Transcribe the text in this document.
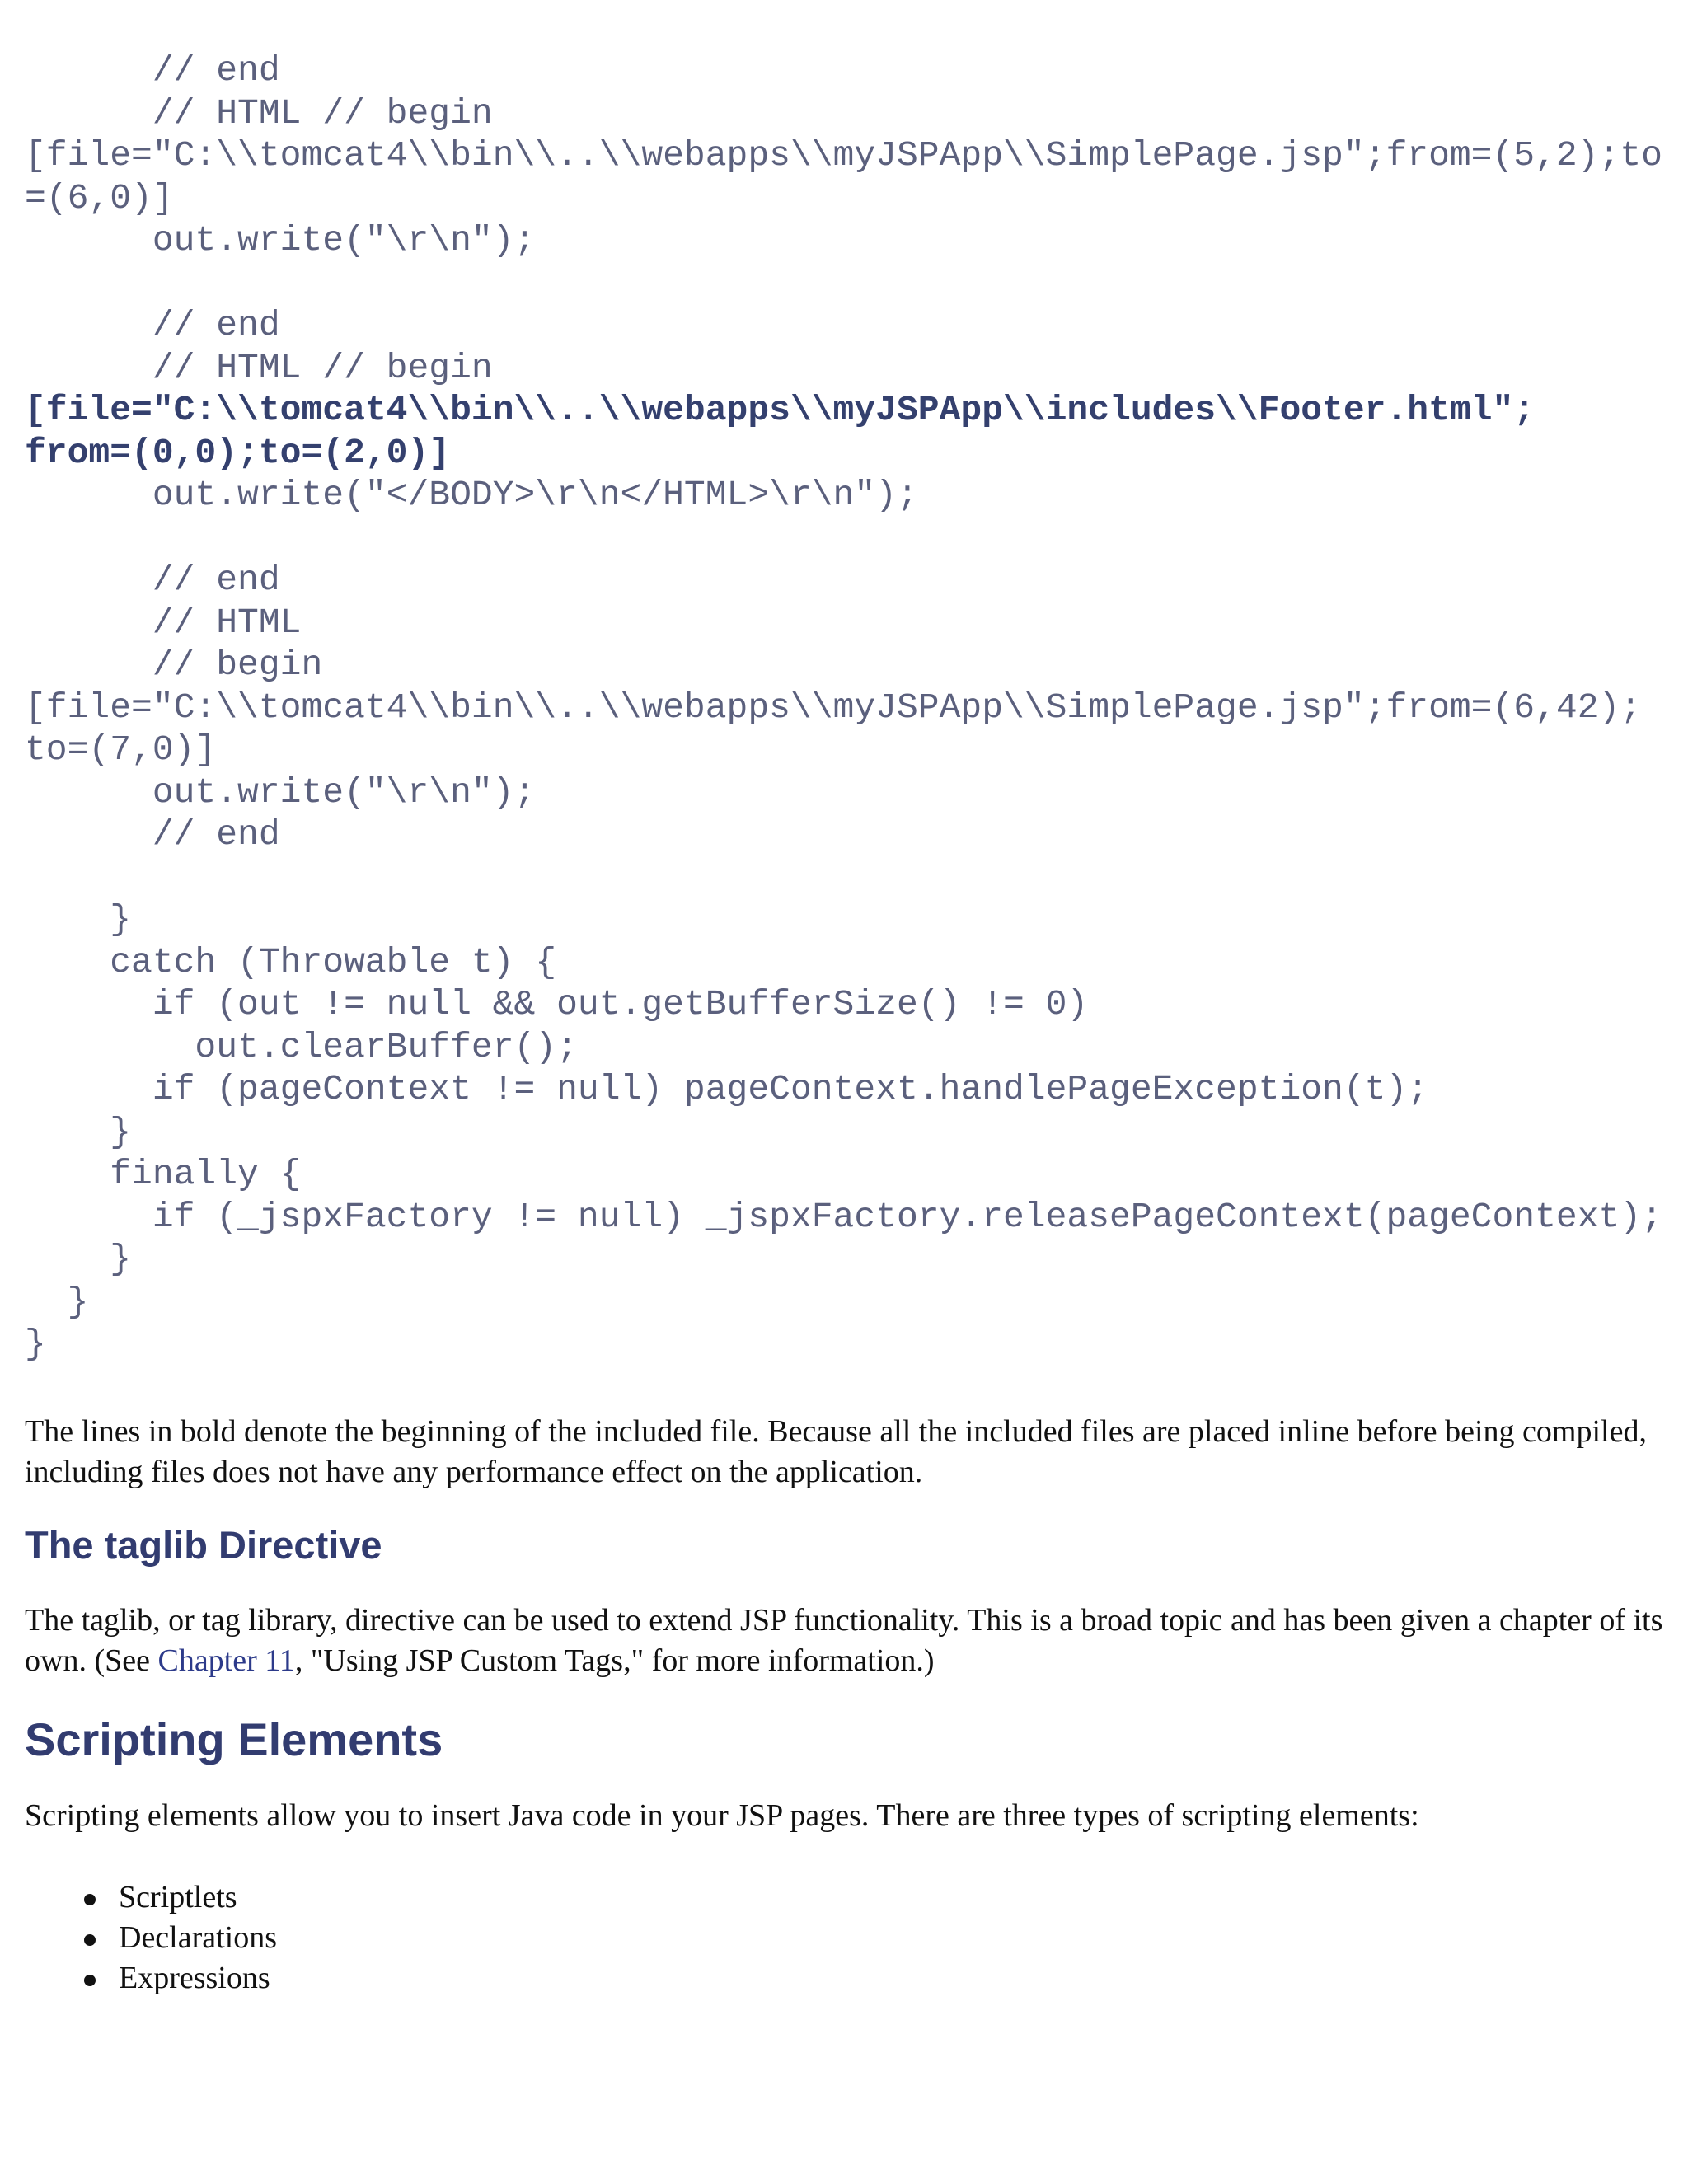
// end
// HTML // begin
[file="C:\\tomcat4\\bin\\..\\webapps\\myJSPApp\\SimplePage.jsp";from=(5,2);to
=(6,0)]
out.write("\r\n");
// end
// HTML // begin
[file="C:\\tomcat4\\bin\\..\\webapps\\myJSPApp\\includes\\Footer.html";
from=(0,0);to=(2,0)]
out.write("</BODY>\r\n</HTML>\r\n");
// end
// HTML
// begin
[file="C:\\tomcat4\\bin\\..\\webapps\\myJSPApp\\SimplePage.jsp";from=(6,42);
to=(7,0)]
out.write("\r\n");
// end
}
catch (Throwable t) {
if (out != null && out.getBufferSize() != 0)
out.clearBuffer();
if (pageContext != null) pageContext.handlePageException(t);
}
finally {
if (_jspxFactory != null) _jspxFactory.releasePageContext(pageContext);
}
}
}

The lines in bold denote the beginning of the included file. Because all the included files are placed inline before being compiled, including files does not have any performance effect on the application.

The taglib Directive

The taglib, or tag library, directive can be used to extend JSP functionality. This is a broad topic and has been given a chapter of its own. (See Chapter 11, "Using JSP Custom Tags," for more information.)

Scripting Elements

Scripting elements allow you to insert Java code in your JSP pages. There are three types of scripting elements:

Scriptlets
Declarations
Expressions
